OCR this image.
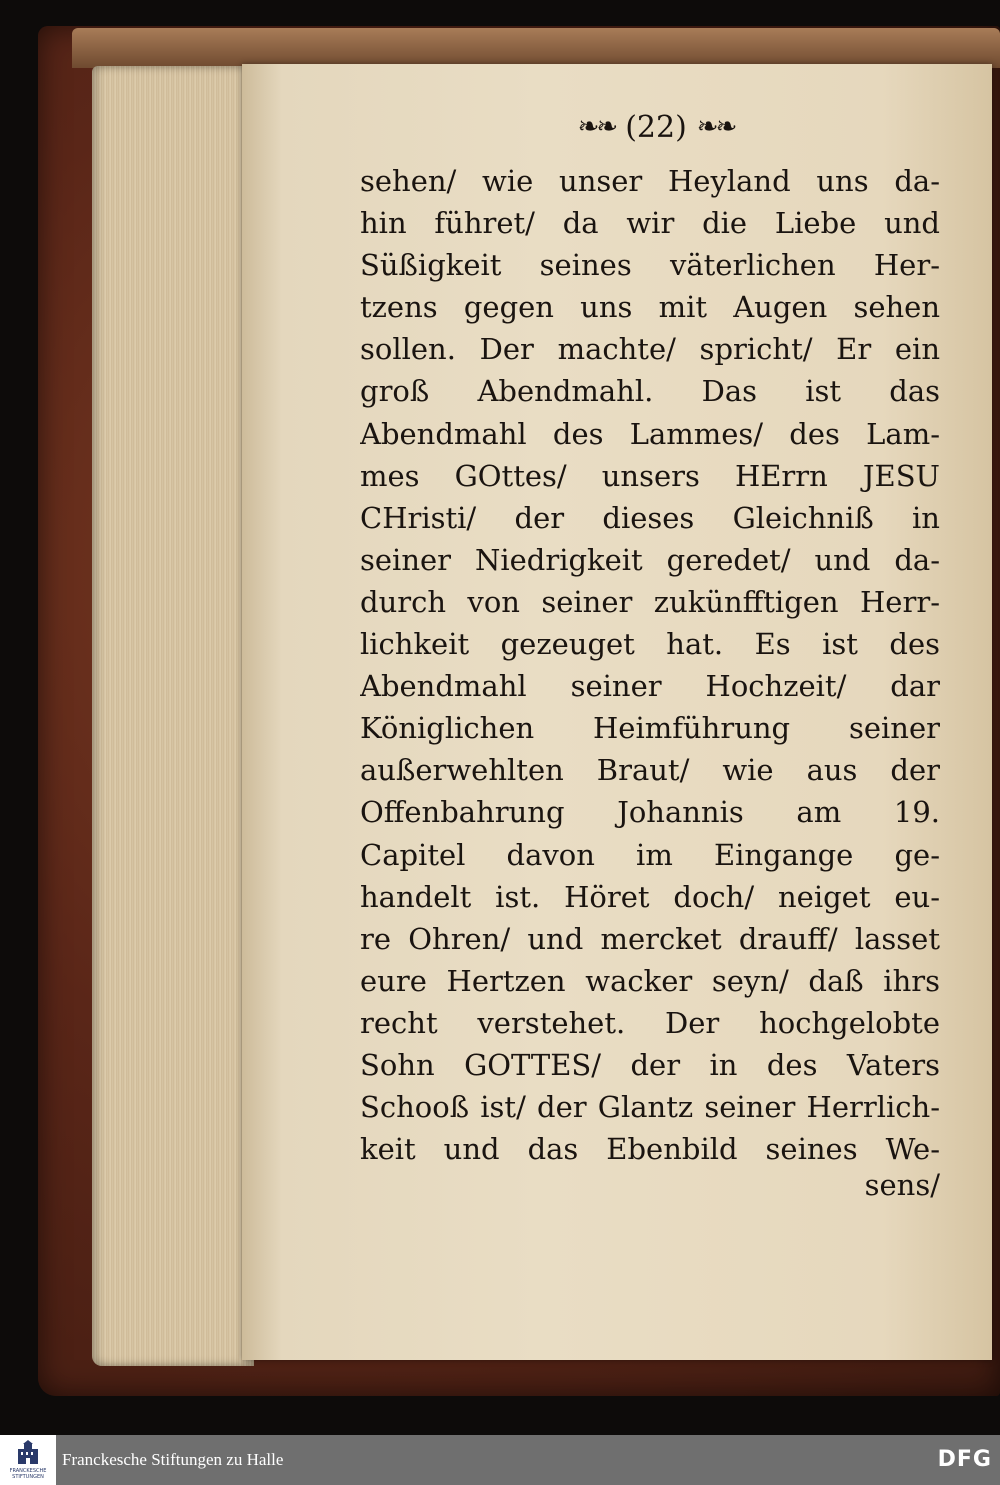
❧❧ (22) ❧❧
sehen/ wie unser Heyland uns da-
hin führet/ da wir die Liebe und
Süßigkeit seines väterlichen Her-
tzens gegen uns mit Augen sehen
sollen. Der machte/ spricht/ Er ein
groß Abendmahl. Das ist das
Abendmahl des Lammes/ des Lam-
mes GOttes/ unsers HErrn JESU
CHristi/ der dieses Gleichniß in
seiner Niedrigkeit geredet/ und da-
durch von seiner zukünfftigen Herr-
lichkeit gezeuget hat. Es ist des
Abendmahl seiner Hochzeit/ dar
Königlichen Heimführung seiner
außerwehlten Braut/ wie aus der
Offenbahrung Johannis am 19.
Capitel davon im Eingange ge-
handelt ist. Höret doch/ neiget eu-
re Ohren/ und mercket drauff/ lasset
eure Hertzen wacker seyn/ daß ihrs
recht verstehet. Der hochgelobte
Sohn GOTTES/ der in des Vaters
Schooß ist/ der Glantz seiner Herrlich-
keit und das Ebenbild seines We-
sens/
FRANCKESCHE STIFTUNGEN
Franckesche Stiftungen zu Halle	DFG
